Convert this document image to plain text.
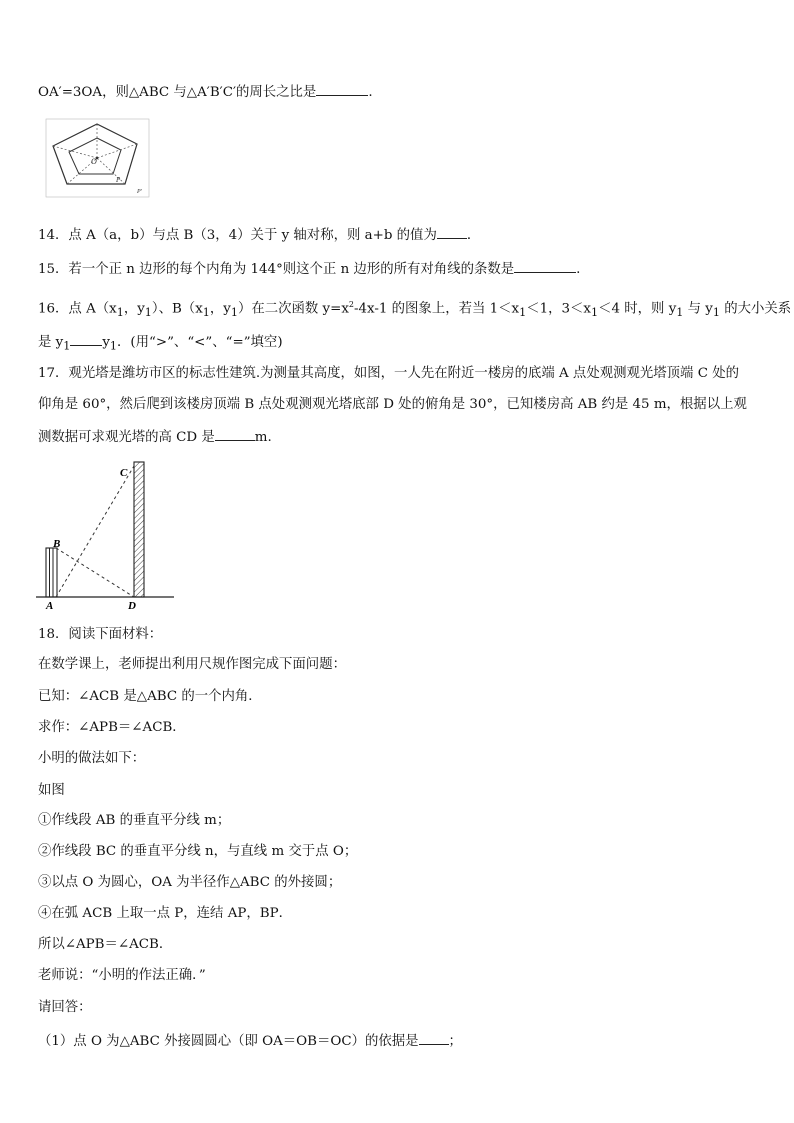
OA′=3OA，则△ABC 与△A′B′C′的周长之比是	.
O
P
P′
14．点 A（a，b）与点 B（3，4）关于 y 轴对称，则 a+b 的值为 ．
15．若一个正 n 边形的每个内角为 144°则这个正 n 边形的所有对角线的条数是	.
16．点 $A(x_1$，$y_1$）、$B(x_1$，$y_1$）在二次函数 $y=x^2-4x-1$ 的图象上，若当 $1<x_1<1$，$3<x_1<4$ 时，则 $y_1$ 与 $y_1$ 的大小关系
是 $y_1$ $y_1$．(用“>”、“<”、“=”填空)
17．观光塔是潍坊市区的标志性建筑.为测量其高度，如图，一人先在附近一楼房的底端 A 点处观测观光塔顶端 C 处的
仰角是 60°，然后爬到该楼房顶端 B 点处观测观光塔底部 D 处的俯角是 30°，已知楼房高 AB 约是 45 m，根据以上观
测数据可求观光塔的高 CD 是	m.
A
B
C
D
18．阅读下面材料：
在数学课上，老师提出利用尺规作图完成下面问题：
已知：∠ACB 是△ABC 的一个内角．
求作：∠APB＝∠ACB．
小明的做法如下：
如图
①作线段 AB 的垂直平分线 m；
②作线段 BC 的垂直平分线 n，与直线 m 交于点 O；
③以点 O 为圆心，OA 为半径作△ABC 的外接圆；
④在弧 ACB 上取一点 P，连结 AP，BP．
所以∠APB＝∠ACB．
老师说：“小明的作法正确．”
请回答：
（1）点 O 为△ABC 外接圆圆心（即 OA＝OB＝OC）的依据是 ；
